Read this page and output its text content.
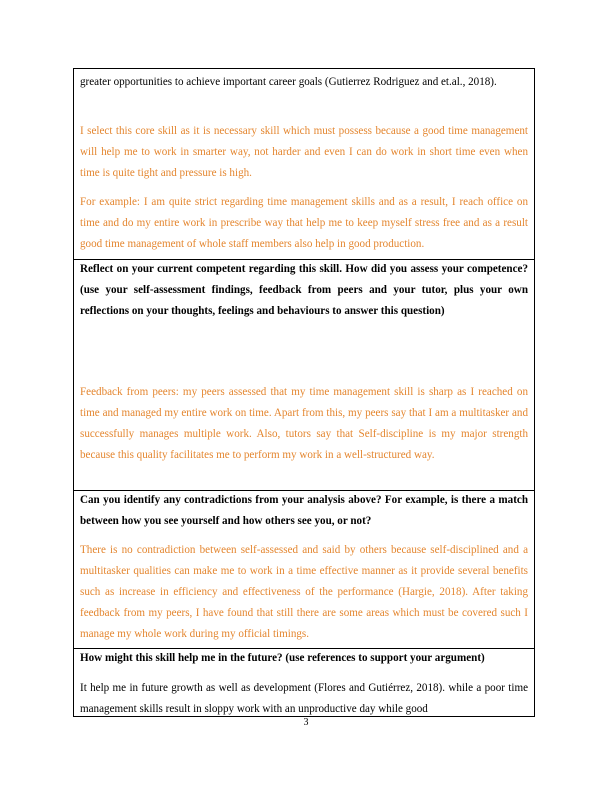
greater opportunities to achieve important career goals (Gutierrez Rodriguez and et.al., 2018).

I select this core skill as it is necessary skill which must possess because a good time management will help me to work in smarter way, not harder and even I can do work in short time even when time is quite tight and pressure is high.

For example: I am quite strict regarding time management skills and as a result, I reach office on time and do my entire work in prescribe way that help me to keep myself stress free and as a result good time management of whole staff members also help in good production.

Reflect on your current competent regarding this skill. How did you assess your competence? (use your self-assessment findings, feedback from peers and your tutor, plus your own reflections on your thoughts, feelings and behaviours to answer this question)

Feedback from peers: my peers assessed that my time management skill is sharp as I reached on time and managed my entire work on time. Apart from this, my peers say that I am a multitasker and successfully manages multiple work. Also, tutors say that Self-discipline is my major strength because this quality facilitates me to perform my work in a well-structured way.

Can you identify any contradictions from your analysis above? For example, is there a match between how you see yourself and how others see you, or not?

There is no contradiction between self-assessed and said by others because self-disciplined and a multitasker qualities can make me to work in a time effective manner as it provide several benefits such as increase in efficiency and effectiveness of the performance (Hargie, 2018). After taking feedback from my peers, I have found that still there are some areas which must be covered such I manage my whole work during my official timings.

How might this skill help me in the future? (use references to support your argument)

It help me in future growth as well as development (Flores and Gutiérrez, 2018). while a poor time management skills result in sloppy work with an unproductive day while good

3
